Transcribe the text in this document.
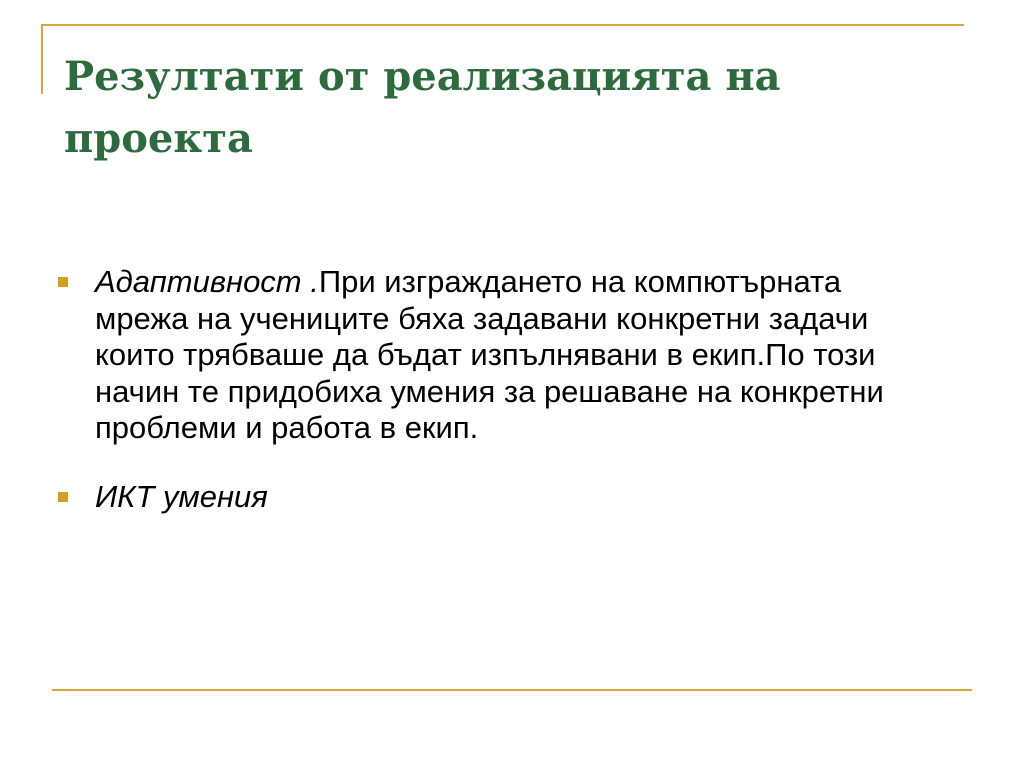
Резултати от реализацията на проекта
Адаптивност .При изграждането на компютърната мрежа на учениците бяха задавани конкретни задачи които трябваше да бъдат изпълнявани в екип.По този начин те придобиха умения за решаване на конкретни проблеми и работа в екип.
ИКТ умения
